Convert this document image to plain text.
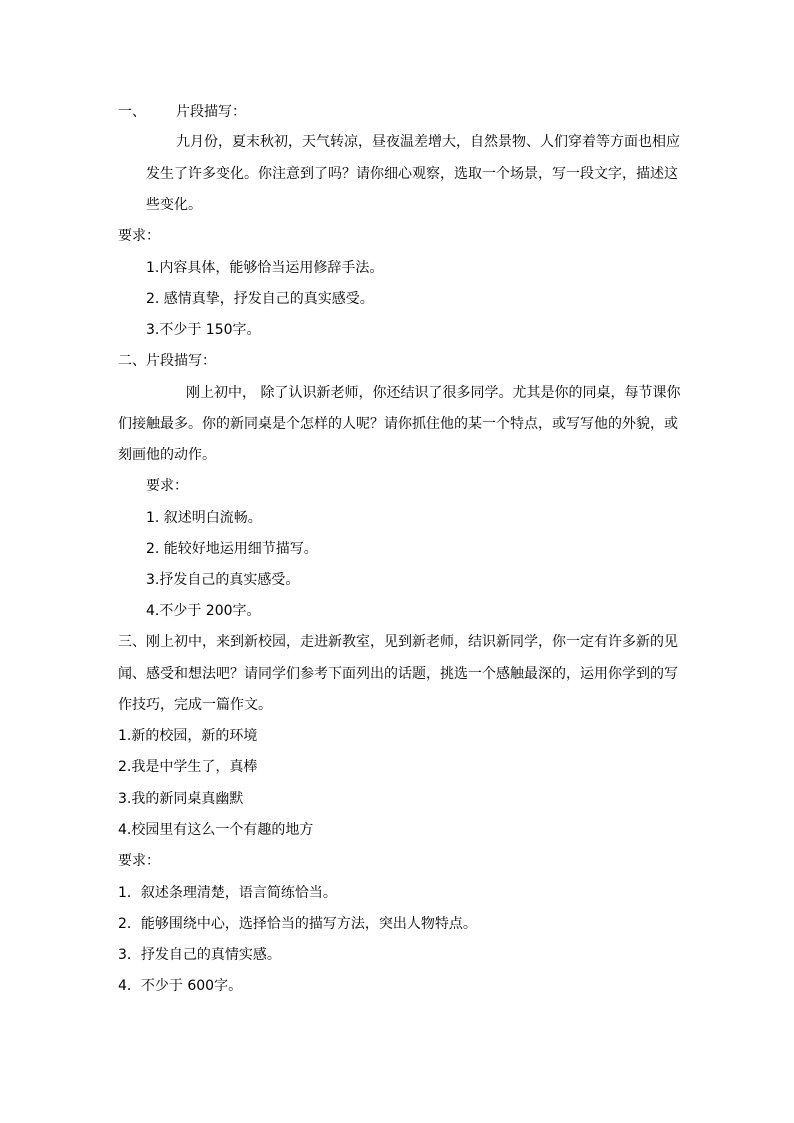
一、 片段描写：
九月份，夏末秋初，天气转凉，昼夜温差增大，自然景物、人们穿着等方面也相应
发生了许多变化。你注意到了吗？请你细心观察，选取一个场景，写一段文字，描述这
些变化。
要求：
1.内容具体，能够恰当运用修辞手法。
2. 感情真挚，抒发自己的真实感受。
3.不少于 150字。
二、片段描写：
刚上初中， 除了认识新老师，你还结识了很多同学。尤其是你的同桌，每节课你
们接触最多。你的新同桌是个怎样的人呢？请你抓住他的某一个特点，或写写他的外貌，或
刻画他的动作。
要求：
1. 叙述明白流畅。
2. 能较好地运用细节描写。
3.抒发自己的真实感受。
4.不少于 200字。
三、刚上初中，来到新校园，走进新教室，见到新老师，结识新同学，你一定有许多新的见
闻、感受和想法吧？请同学们参考下面列出的话题，挑选一个感触最深的，运用你学到的写
作技巧，完成一篇作文。
1.新的校园，新的环境
2.我是中学生了，真棒
3.我的新同桌真幽默
4.校园里有这么一个有趣的地方
要求：
1．叙述条理清楚，语言简练恰当。
2．能够围绕中心，选择恰当的描写方法，突出人物特点。
3．抒发自己的真情实感。
4．不少于 600字。
